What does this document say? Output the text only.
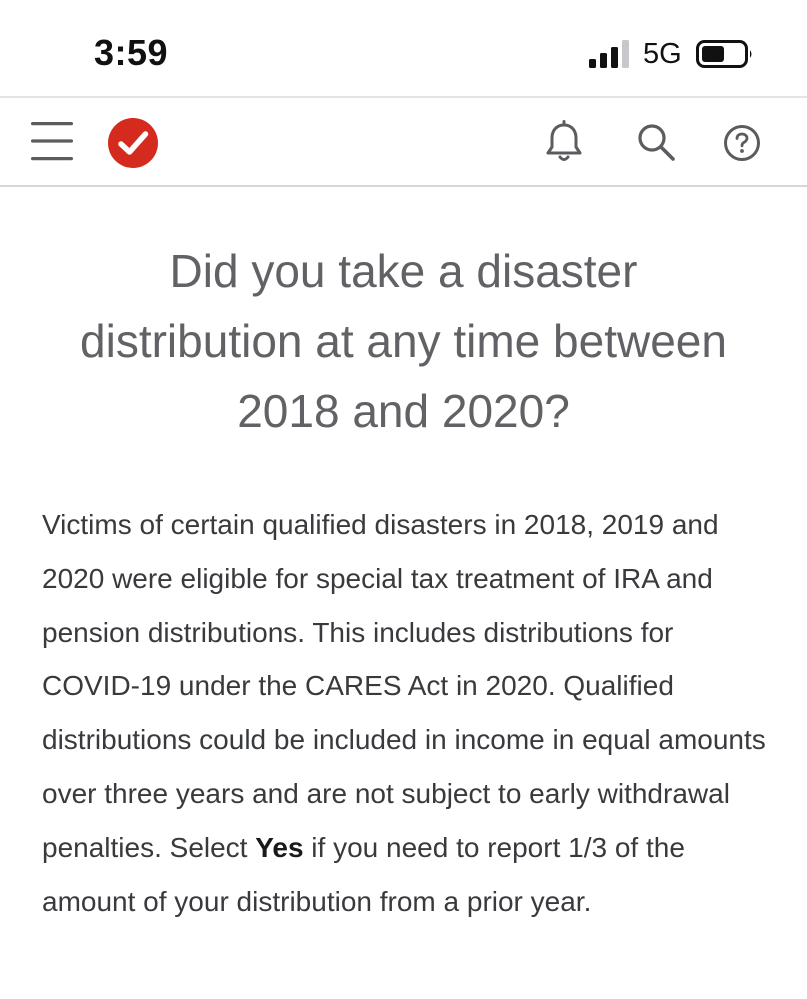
3:59	5G
Did you take a disaster distribution at any time between 2018 and 2020?

Victims of certain qualified disasters in 2018, 2019 and 2020 were eligible for special tax treatment of IRA and pension distributions. This includes distributions for COVID-19 under the CARES Act in 2020. Qualified distributions could be included in income in equal amounts over three years and are not subject to early withdrawal penalties. Select Yes if you need to report 1/3 of the amount of your distribution from a prior year.
